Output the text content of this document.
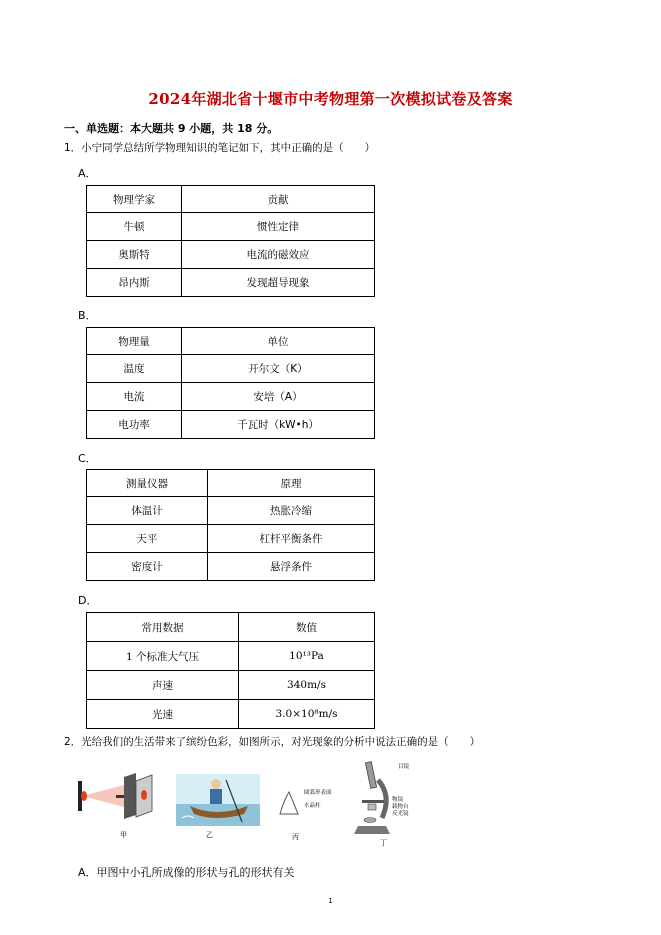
2024年湖北省十堰市中考物理第一次模拟试卷及答案
一、单选题：本大题共 9 小题，共 18 分。
1．小宁同学总结所学物理知识的笔记如下，其中正确的是（　　）
A．
物理学家	贡献
牛顿	惯性定律
奥斯特	电流的磁效应
昂内斯	发现超导现象
B．
物理量	单位
温度	开尔文（K）
电流	安培（A）
电功率	千瓦时（kW•h）
C．
测量仪器	原理
体温计	热胀冷缩
天平	杠杆平衡条件
密度计	悬浮条件
D．
常用数据	数值
1 个标准大气压	10¹³Pa
声速	340m/s
光速	3.0×10⁸m/s
2．光给我们的生活带来了缤纷色彩，如图所示，对光现象的分析中说法正确的是（　　）
甲	乙
圆弧形表面
水晶柱
丙
目镜
物镜
载物台
反光镜
丁
A．甲图中小孔所成像的形状与孔的形状有关
1
